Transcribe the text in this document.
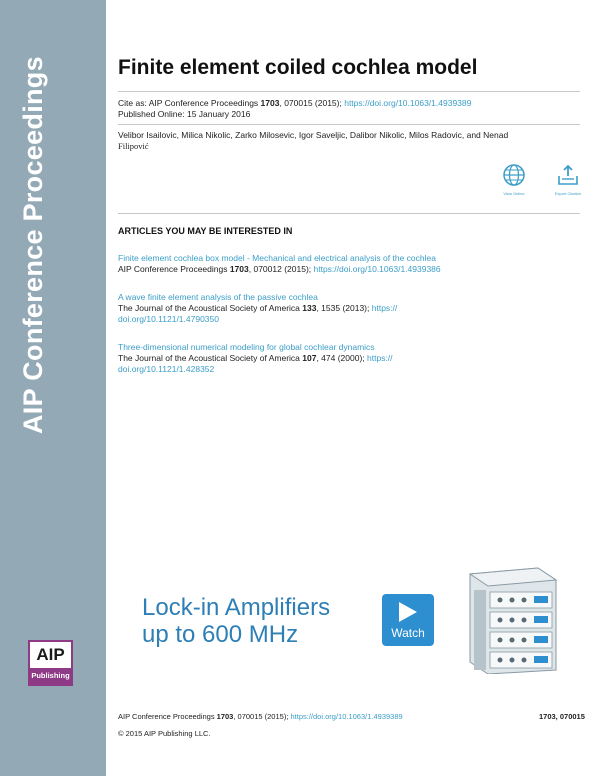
AIP Conference Proceedings
AIP
Publishing
Finite element coiled cochlea model
Cite as: AIP Conference Proceedings 1703, 070015 (2015); https://doi.org/10.1063/1.4939389
Published Online: 15 January 2016
Velibor Isailovic, Milica Nikolic, Zarko Milosevic, Igor Saveljic, Dalibor Nikolic, Milos Radovic, and Nenad
Filipović
View Online	Export Citation
ARTICLES YOU MAY BE INTERESTED IN
Finite element cochlea box model - Mechanical and electrical analysis of the cochlea
AIP Conference Proceedings 1703, 070012 (2015); https://doi.org/10.1063/1.4939386
A wave finite element analysis of the passive cochlea
The Journal of the Acoustical Society of America 133, 1535 (2013); https://
doi.org/10.1121/1.4790350
Three-dimensional numerical modeling for global cochlear dynamics
The Journal of the Acoustical Society of America 107, 474 (2000); https://
doi.org/10.1121/1.428352
Lock-in Amplifiers
up to 600 MHz	Watch
AIP Conference Proceedings 1703, 070015 (2015); https://doi.org/10.1063/1.4939389	1703, 070015
© 2015 AIP Publishing LLC.
